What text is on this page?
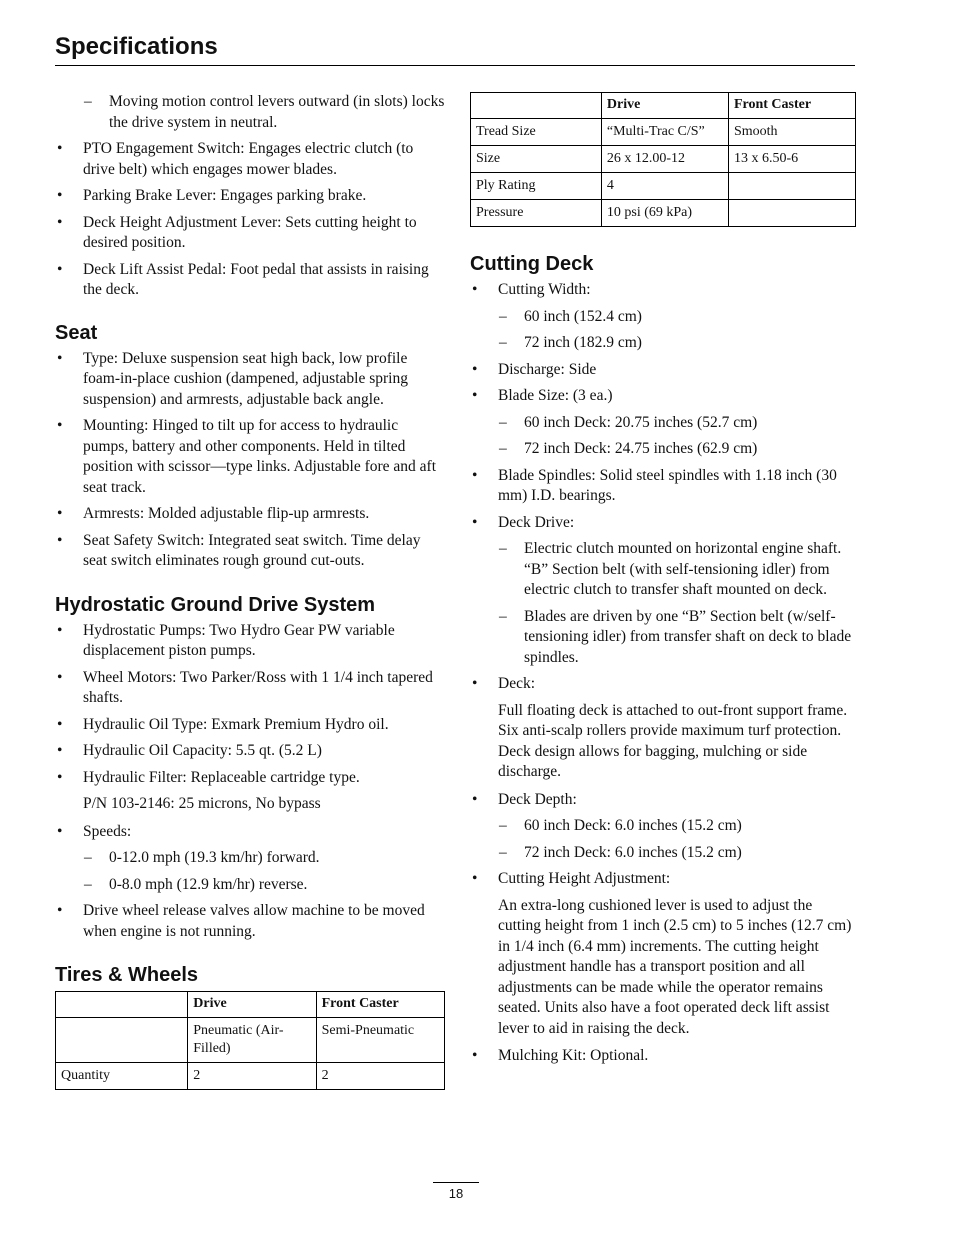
Specifications
– Moving motion control levers outward (in slots) locks the drive system in neutral.
• PTO Engagement Switch: Engages electric clutch (to drive belt) which engages mower blades.
• Parking Brake Lever: Engages parking brake.
• Deck Height Adjustment Lever: Sets cutting height to desired position.
• Deck Lift Assist Pedal: Foot pedal that assists in raising the deck.
Seat
• Type: Deluxe suspension seat high back, low profile foam-in-place cushion (dampened, adjustable spring suspension) and armrests, adjustable back angle.
• Mounting: Hinged to tilt up for access to hydraulic pumps, battery and other components. Held in tilted position with scissor—type links. Adjustable fore and aft seat track.
• Armrests: Molded adjustable flip-up armrests.
• Seat Safety Switch: Integrated seat switch. Time delay seat switch eliminates rough ground cut-outs.
Hydrostatic Ground Drive System
• Hydrostatic Pumps: Two Hydro Gear PW variable displacement piston pumps.
• Wheel Motors: Two Parker/Ross with 1 1/4 inch tapered shafts.
• Hydraulic Oil Type: Exmark Premium Hydro oil.
• Hydraulic Oil Capacity: 5.5 qt. (5.2 L)
• Hydraulic Filter: Replaceable cartridge type.
P/N 103-2146: 25 microns, No bypass
• Speeds:
– 0-12.0 mph (19.3 km/hr) forward.
– 0-8.0 mph (12.9 km/hr) reverse.
• Drive wheel release valves allow machine to be moved when engine is not running.
Tires & Wheels
	Drive	Front Caster
	Pneumatic (Air-Filled)	Semi-Pneumatic
Quantity	2	2
	Drive	Front Caster
Tread Size	“Multi-Trac C/S”	Smooth
Size	26 x 12.00-12	13 x 6.50-6
Ply Rating	4	
Pressure	10 psi (69 kPa)	
Cutting Deck
• Cutting Width:
– 60 inch (152.4 cm)
– 72 inch (182.9 cm)
• Discharge: Side
• Blade Size: (3 ea.)
– 60 inch Deck: 20.75 inches (52.7 cm)
– 72 inch Deck: 24.75 inches (62.9 cm)
• Blade Spindles: Solid steel spindles with 1.18 inch (30 mm) I.D. bearings.
• Deck Drive:
– Electric clutch mounted on horizontal engine shaft. “B” Section belt (with self-tensioning idler) from electric clutch to transfer shaft mounted on deck.
– Blades are driven by one “B” Section belt (w/self-tensioning idler) from transfer shaft on deck to blade spindles.
• Deck:
Full floating deck is attached to out-front support frame. Six anti-scalp rollers provide maximum turf protection. Deck design allows for bagging, mulching or side discharge.
• Deck Depth:
– 60 inch Deck: 6.0 inches (15.2 cm)
– 72 inch Deck: 6.0 inches (15.2 cm)
• Cutting Height Adjustment:
An extra-long cushioned lever is used to adjust the cutting height from 1 inch (2.5 cm) to 5 inches (12.7 cm) in 1/4 inch (6.4 mm) increments. The cutting height adjustment handle has a transport position and all adjustments can be made while the operator remains seated. Units also have a foot operated deck lift assist lever to aid in raising the deck.
• Mulching Kit: Optional.
18
